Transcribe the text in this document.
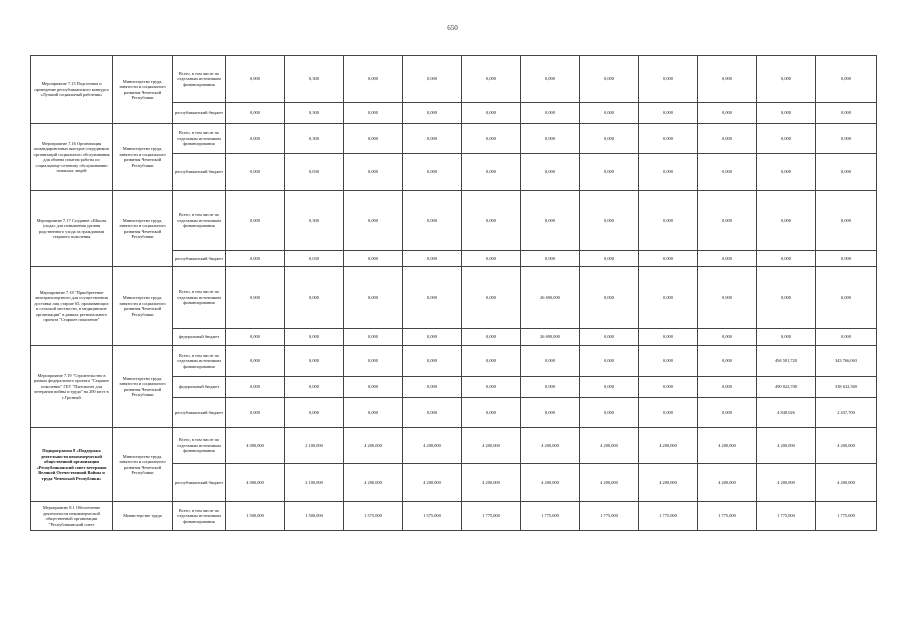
650
Мероприятие 7.15 Подготовка и проведение республиканского конкурса «Лучший социальный работник»	Министерство труда, занятости и социального развития Чеченской Республики	Всего, в том числе по отдельным источникам финансирования	0,000	0,300	0,000	0,000	0,000	0,000	0,000	0,000	0,000	0,000	0,000
		республиканский бюджет	0,000	0,300	0,000	0,000	0,000	0,000	0,000	0,000	0,000	0,000	0,000
Мероприятие 7.16 Организация командировочных выездов сотрудников организаций социального обслуживания для обмена опытом работы по социальному-сетевому обслуживанию пожилых людей	Министерство труда, занятости и социального развития Чеченской Республики	Всего, в том числе по отдельным источникам финансирования	0,000	0,300	0,000	0,000	0,000	0,000	0,000	0,000	0,000	0,000	0,000
		республиканский бюджет	0,000	0,030	0,000	0,000	0,000	0,000	0,000	0,000	0,000	0,000	0,000
Мероприятие 7.17 Создание «Школы ухода» для повышения уровня родственного ухода за гражданами старшего поколения	Министерство труда, занятости и социального развития Чеченской Республики	Всего, в том числе по отдельным источникам финансирования	0,000	0,300	0,000	0,000	0,000	0,000	0,000	0,000	0,000	0,000	0,000
		республиканский бюджет	0,000	0,030	0,000	0,000	0,000	0,000	0,000	0,000	0,000	0,000	0,000
Мероприятие 7.18 "Приобретение автотранспортного для осуществления доставки лиц старше 65, проживающих в сельской местности, в медицинские организации" в рамках регионального проекта "Старшее поколение"	Министерство труда, занятости и социального развития Чеченской Республики	Всего, в том числе по отдельным источникам финансирования	0,000	0,000	0,000	0,000	0,000	26 690,000	0,000	0,000	0,000	0,000	0,000
		федеральный бюджет	0,000	0,000	0,000	0,000	0,000	26 690,000	0,000	0,000	0,000	0,000	0,000
Мероприятие 7.19 "Строительство в рамках федерального проекта "Старшее поколение" ГБУ "Пансионат для ветеранов войны и труда" на 200 мест в г.Грозный	Министерство труда, занятости и социального развития Чеченской Республики	Всего, в том числе по отдельным источникам финансирования	0,000	0,000	0,000	0,000	0,000	0,000	0,000	0,000	0,000	494 501,720	343 766,063
		федеральный бюджет	0,000	0,000	0,000	0,000	0,000	0,000	0,000	0,000	0,000	490 022,700	338 632,369
		республиканский бюджет	0,000	0,000	0,000	0,000	0,000	0,000	0,000	0,000	0,000	4 848,026	2 437,700
Подпрограмма 8 «Поддержка деятельности некоммерческой общественной организации «Республиканский совет ветеранов Великой Отечественной Войны и труда Чеченской Республики»	Министерство труда, занятости и социального развития Чеченской Республики	Всего, в том числе по отдельным источникам финансирования	4 000,000	2 100,000	4 200,000	4 200,000	4 200,000	4 200,000	4 200,000	4 200,000	4 200,000	4 200,000	4 200,000
		республиканский бюджет	4 000,000	2 100,000	4 200,000	4 200,000	4 200,000	4 200,000	4 200,000	4 200,000	4 200,000	4 200,000	4 200,000
Мероприятие 8.1 Обеспечение деятельности некоммерческой общественной организации "Республиканский совет	Министерство труда	Всего, в том числе по отдельным источникам финансирования	1 500,000	1 500,000	1 575,000	1 575,000	1 775,000	1 775,000	1 775,000	1 775,000	1 775,000	1 775,000	1 775,000
